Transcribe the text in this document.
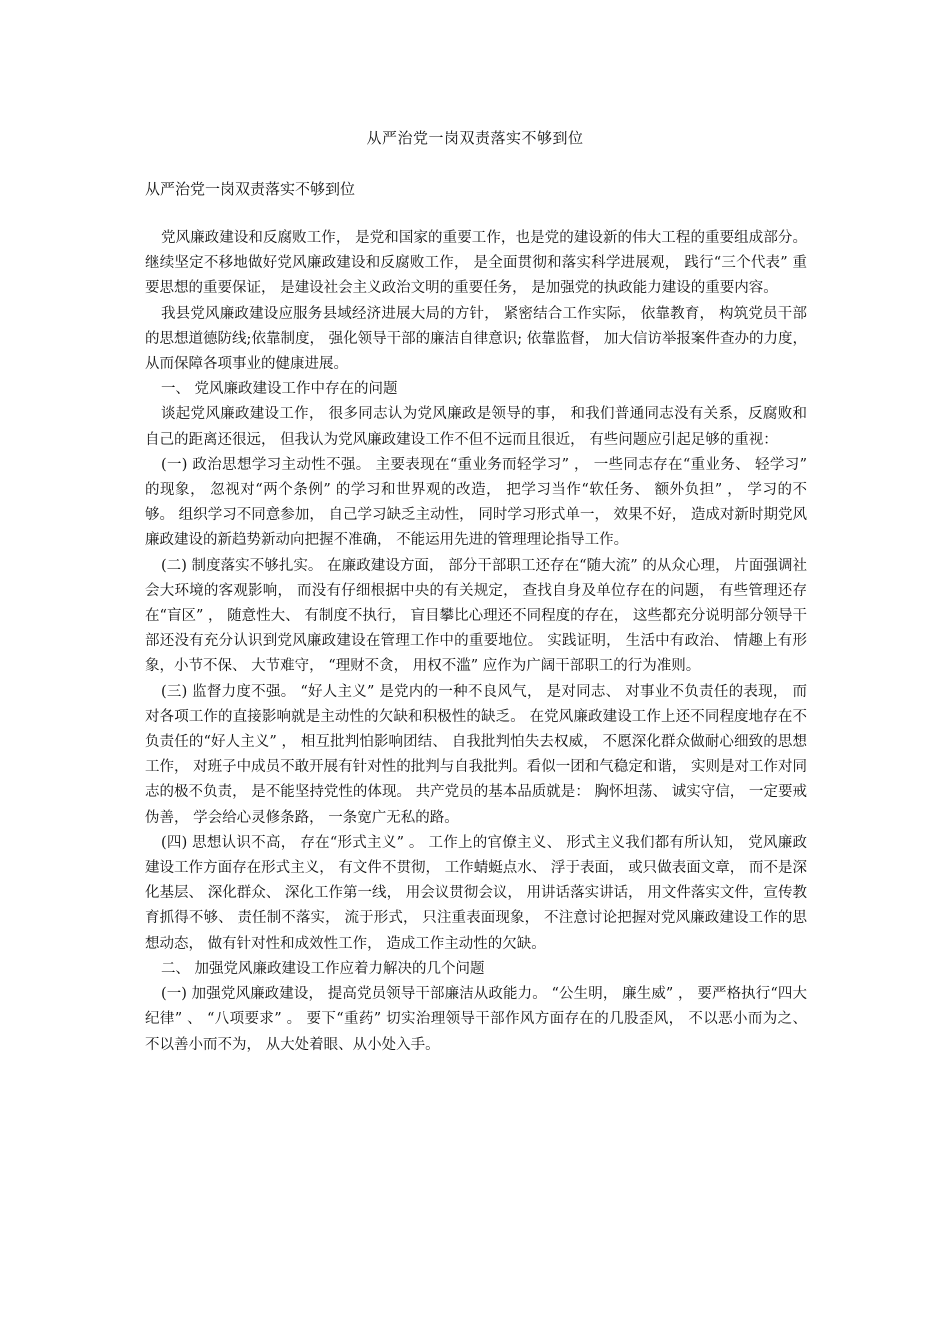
从严治党一岗双责落实不够到位
从严治党一岗双责落实不够到位

党风廉政建设和反腐败工作， 是党和国家的重要工作，也是党的建设新的伟大工程的重要组成部分。 继续坚定不移地做好党风廉政建设和反腐败工作， 是全面贯彻和落实科学进展观， 践行“三个代表” 重要思想的重要保证， 是建设社会主义政治文明的重要任务， 是加强党的执政能力建设的重要内容。

我县党风廉政建设应服务县域经济进展大局的方针， 紧密结合工作实际， 依靠教育， 构筑党员干部的思想道德防线;依靠制度， 强化领导干部的廉洁自律意识; 依靠监督， 加大信访举报案件查办的力度， 从而保障各项事业的健康进展。

一、 党风廉政建设工作中存在的问题

谈起党风廉政建设工作， 很多同志认为党风廉政是领导的事， 和我们普通同志没有关系，反腐败和自己的距离还很远， 但我认为党风廉政建设工作不但不远而且很近， 有些问题应引起足够的重视：

(一) 政治思想学习主动性不强。 主要表现在“重业务而轻学习” ， 一些同志存在“重业务、 轻学习” 的现象， 忽视对“两个条例” 的学习和世界观的改造， 把学习当作“软任务、 额外负担” ， 学习的不够。 组织学习不同意参加， 自己学习缺乏主动性， 同时学习形式单一， 效果不好， 造成对新时期党风廉政建设的新趋势新动向把握不准确， 不能运用先进的管理理论指导工作。

(二) 制度落实不够扎实。 在廉政建设方面， 部分干部职工还存在“随大流” 的从众心理， 片面强调社会大环境的客观影响， 而没有仔细根据中央的有关规定， 查找自身及单位存在的问题， 有些管理还存在“盲区” ， 随意性大、 有制度不执行， 盲目攀比心理还不同程度的存在， 这些都充分说明部分领导干部还没有充分认识到党风廉政建设在管理工作中的重要地位。 实践证明， 生活中有政治、 情趣上有形象，小节不保、 大节难守， “理财不贪， 用权不滥” 应作为广阔干部职工的行为准则。

(三) 监督力度不强。 “好人主义” 是党内的一种不良风气， 是对同志、 对事业不负责任的表现， 而对各项工作的直接影响就是主动性的欠缺和积极性的缺乏。 在党风廉政建设工作上还不同程度地存在不负责任的“好人主义” ， 相互批判怕影响团结、 自我批判怕失去权威， 不愿深化群众做耐心细致的思想工作， 对班子中成员不敢开展有针对性的批判与自我批判。看似一团和气稳定和谐， 实则是对工作对同志的极不负责， 是不能坚持党性的体现。 共产党员的基本品质就是： 胸怀坦荡、 诚实守信， 一定要戒伪善， 学会给心灵修条路， 一条宽广无私的路。

(四) 思想认识不高， 存在“形式主义” 。 工作上的官僚主义、 形式主义我们都有所认知， 党风廉政建设工作方面存在形式主义， 有文件不贯彻， 工作蜻蜓点水、 浮于表面， 或只做表面文章， 而不是深化基层、 深化群众、 深化工作第一线， 用会议贯彻会议， 用讲话落实讲话， 用文件落实文件，宣传教育抓得不够、 责任制不落实， 流于形式， 只注重表面现象， 不注意讨论把握对党风廉政建设工作的思想动态， 做有针对性和成效性工作， 造成工作主动性的欠缺。

二、 加强党风廉政建设工作应着力解决的几个问题

(一) 加强党风廉政建设， 提高党员领导干部廉洁从政能力。 “公生明， 廉生威” ， 要严格执行“四大纪律” 、 “八项要求” 。 要下“重药” 切实治理领导干部作风方面存在的几股歪风， 不以恶小而为之、 不以善小而不为， 从大处着眼、从小处入手。
